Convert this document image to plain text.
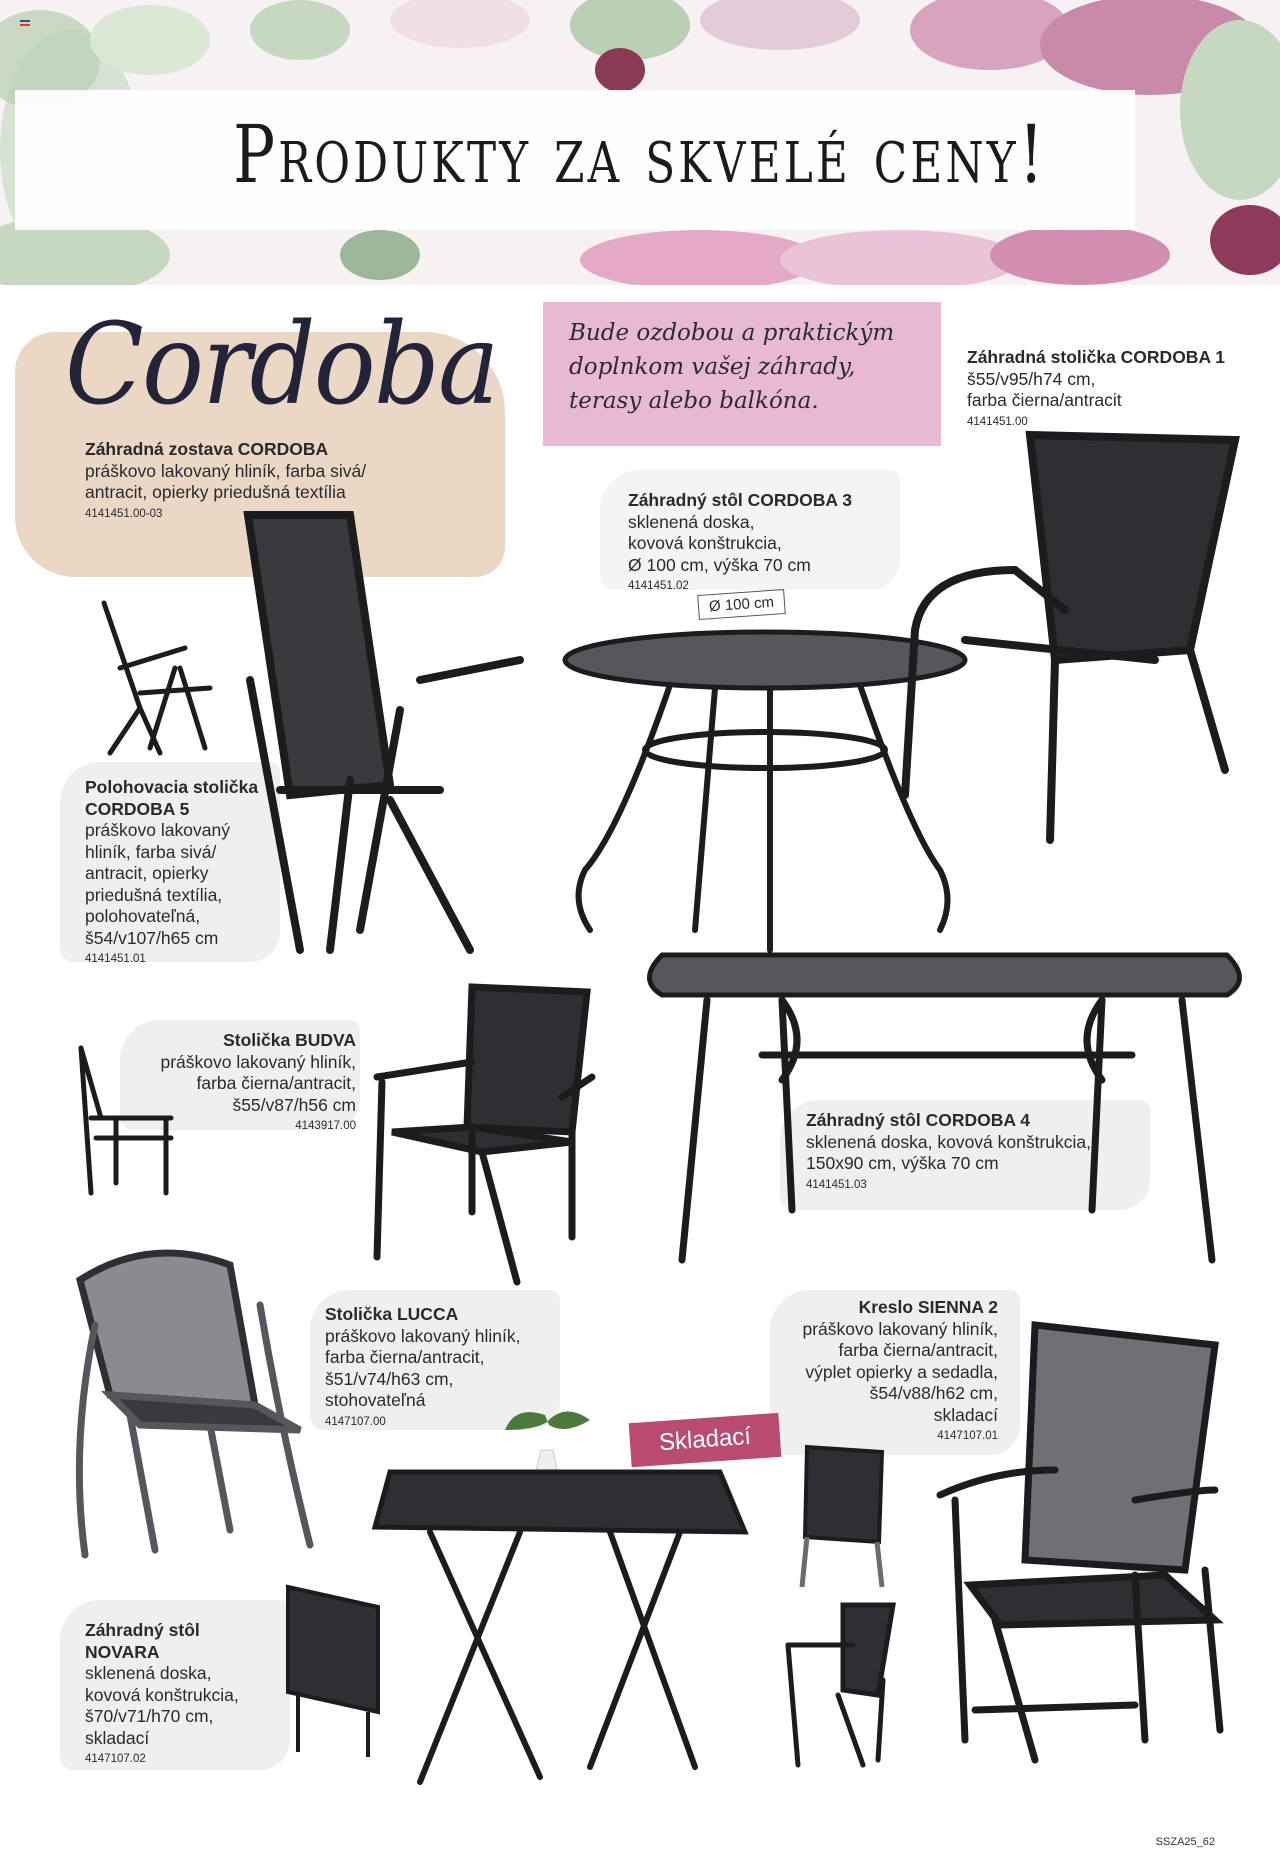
Produkty za skvelé ceny!
Cordoba	Bude ozdobou a praktickým doplnkom vašej záhrady, terasy alebo balkóna.
Záhradná zostava CORDOBA
práškovo lakovaný hliník, farba sivá/
antracit, opierky priedušná textília
4141451.00-03
Záhradná stolička CORDOBA 1
š55/v95/h74 cm,
farba čierna/antracit
4141451.00
Záhradný stôl CORDOBA 3
sklenená doska,
kovová konštrukcia,
Ø 100 cm, výška 70 cm
4141451.02
Ø 100 cm
Polohovacia stolička
CORDOBA 5
práškovo lakovaný
hliník, farba sivá/
antracit, opierky
priedušná textília,
polohovateľná,
š54/v107/h65 cm
4141451.01
Stolička BUDVA
práškovo lakovaný hliník,
farba čierna/antracit,
š55/v87/h56 cm
4143917.00	Záhradný stôl CORDOBA 4
sklenená doska, kovová konštrukcia,
150x90 cm, výška 70 cm
4141451.03
Stolička LUCCA
práškovo lakovaný hliník,
farba čierna/antracit,
š51/v74/h63 cm,
stohovateľná
4147107.00
Kreslo SIENNA 2
práškovo lakovaný hliník,
farba čierna/antracit,
výplet opierky a sedadla,
š54/v88/h62 cm,
skladací
4147107.01
Skladací
Záhradný stôl
NOVARA
sklenená doska,
kovová konštrukcia,
š70/v71/h70 cm,
skladací
4147107.02
SSZA25_62
